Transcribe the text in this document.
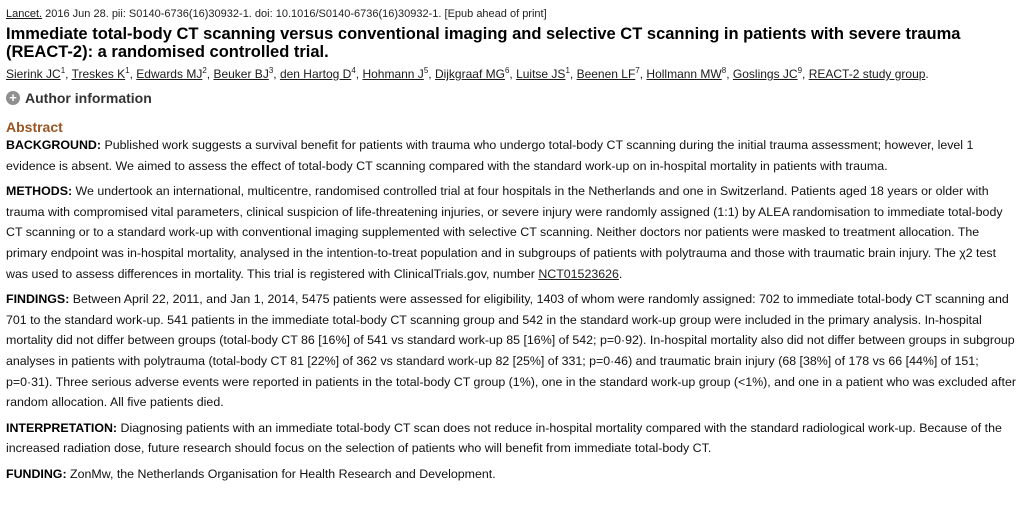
Lancet. 2016 Jun 28. pii: S0140-6736(16)30932-1. doi: 10.1016/S0140-6736(16)30932-1. [Epub ahead of print]
Immediate total-body CT scanning versus conventional imaging and selective CT scanning in patients with severe trauma (REACT-2): a randomised controlled trial.
Sierink $JC^1$, Treskes $K^1$, Edwards $MJ^2$, Beuker $BJ^3$, den Hartog $D^4$, Hohmann $J^5$, Dijkgraaf $MG^6$, Luitse $JS^1$, Beenen $LF^7$, Hollmann $MW^8$, Goslings $JC^9$, REACT-2 study group.
+ Author information
Abstract

BACKGROUND: Published work suggests a survival benefit for patients with trauma who undergo total-body CT scanning during the initial trauma assessment; however, level 1 evidence is absent. We aimed to assess the effect of total-body CT scanning compared with the standard work-up on in-hospital mortality in patients with trauma.

METHODS: We undertook an international, multicentre, randomised controlled trial at four hospitals in the Netherlands and one in Switzerland. Patients aged 18 years or older with trauma with compromised vital parameters, clinical suspicion of life-threatening injuries, or severe injury were randomly assigned (1:1) by ALEA randomisation to immediate total-body CT scanning or to a standard work-up with conventional imaging supplemented with selective CT scanning. Neither doctors nor patients were masked to treatment allocation. The primary endpoint was in-hospital mortality, analysed in the intention-to-treat population and in subgroups of patients with polytrauma and those with traumatic brain injury. The χ2 test was used to assess differences in mortality. This trial is registered with ClinicalTrials.gov, number NCT01523626.

FINDINGS: Between April 22, 2011, and Jan 1, 2014, 5475 patients were assessed for eligibility, 1403 of whom were randomly assigned: 702 to immediate total-body CT scanning and 701 to the standard work-up. 541 patients in the immediate total-body CT scanning group and 542 in the standard work-up group were included in the primary analysis. In-hospital mortality did not differ between groups (total-body CT 86 [16%] of 541 vs standard work-up 85 [16%] of 542; p=0·92). In-hospital mortality also did not differ between groups in subgroup analyses in patients with polytrauma (total-body CT 81 [22%] of 362 vs standard work-up 82 [25%] of 331; p=0·46) and traumatic brain injury (68 [38%] of 178 vs 66 [44%] of 151; p=0·31). Three serious adverse events were reported in patients in the total-body CT group (1%), one in the standard work-up group (<1%), and one in a patient who was excluded after random allocation. All five patients died.

INTERPRETATION: Diagnosing patients with an immediate total-body CT scan does not reduce in-hospital mortality compared with the standard radiological work-up. Because of the increased radiation dose, future research should focus on the selection of patients who will benefit from immediate total-body CT.

FUNDING: ZonMw, the Netherlands Organisation for Health Research and Development.
